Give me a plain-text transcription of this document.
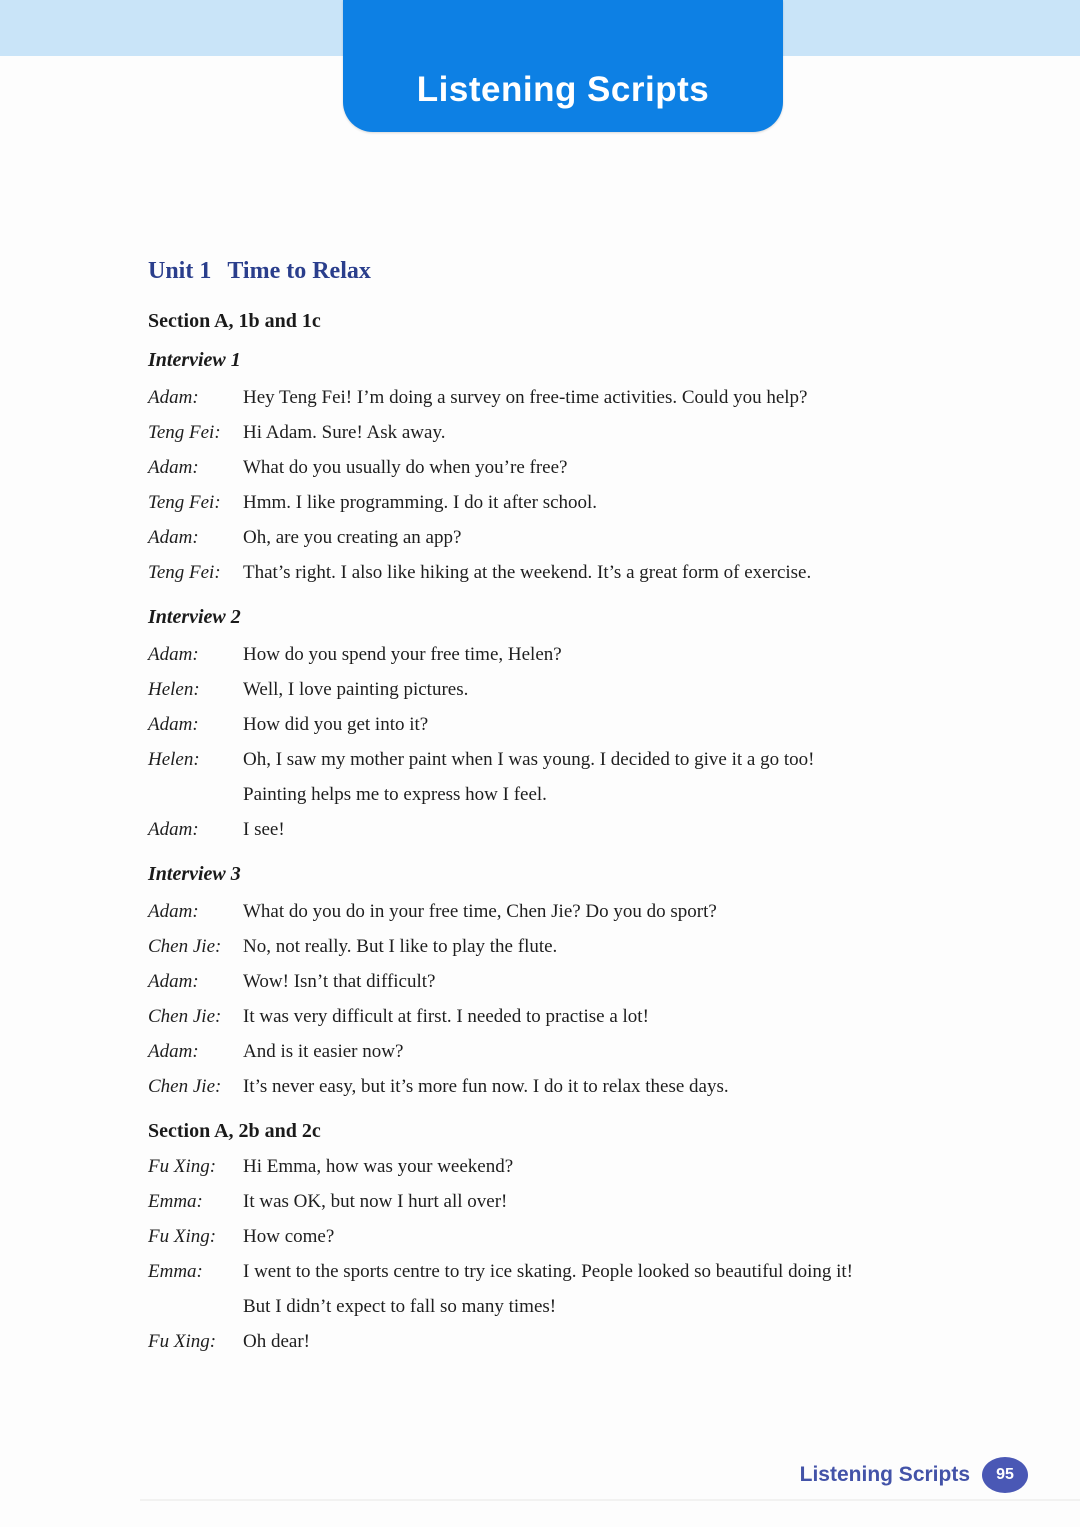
Listening Scripts
Unit 1 Time to Relax
Section A, 1b and 1c
Interview 1
Adam:	Hey Teng Fei! I’m doing a survey on free-time activities. Could you help?
Teng Fei:	Hi Adam. Sure! Ask away.
Adam:	What do you usually do when you’re free?
Teng Fei:	Hmm. I like programming. I do it after school.
Adam:	Oh, are you creating an app?
Teng Fei:	That’s right. I also like hiking at the weekend. It’s a great form of exercise.
Interview 2
Adam:	How do you spend your free time, Helen?
Helen:	Well, I love painting pictures.
Adam:	How did you get into it?
Helen:	Oh, I saw my mother paint when I was young. I decided to give it a go too!
Painting helps me to express how I feel.
Adam:	I see!
Interview 3
Adam:	What do you do in your free time, Chen Jie? Do you do sport?
Chen Jie:	No, not really. But I like to play the flute.
Adam:	Wow! Isn’t that difficult?
Chen Jie:	It was very difficult at first. I needed to practise a lot!
Adam:	And is it easier now?
Chen Jie:	It’s never easy, but it’s more fun now. I do it to relax these days.
Section A, 2b and 2c
Fu Xing:	Hi Emma, how was your weekend?
Emma:	It was OK, but now I hurt all over!
Fu Xing:	How come?
Emma:	I went to the sports centre to try ice skating. People looked so beautiful doing it!
But I didn’t expect to fall so many times!
Fu Xing:	Oh dear!
Listening Scripts	95
